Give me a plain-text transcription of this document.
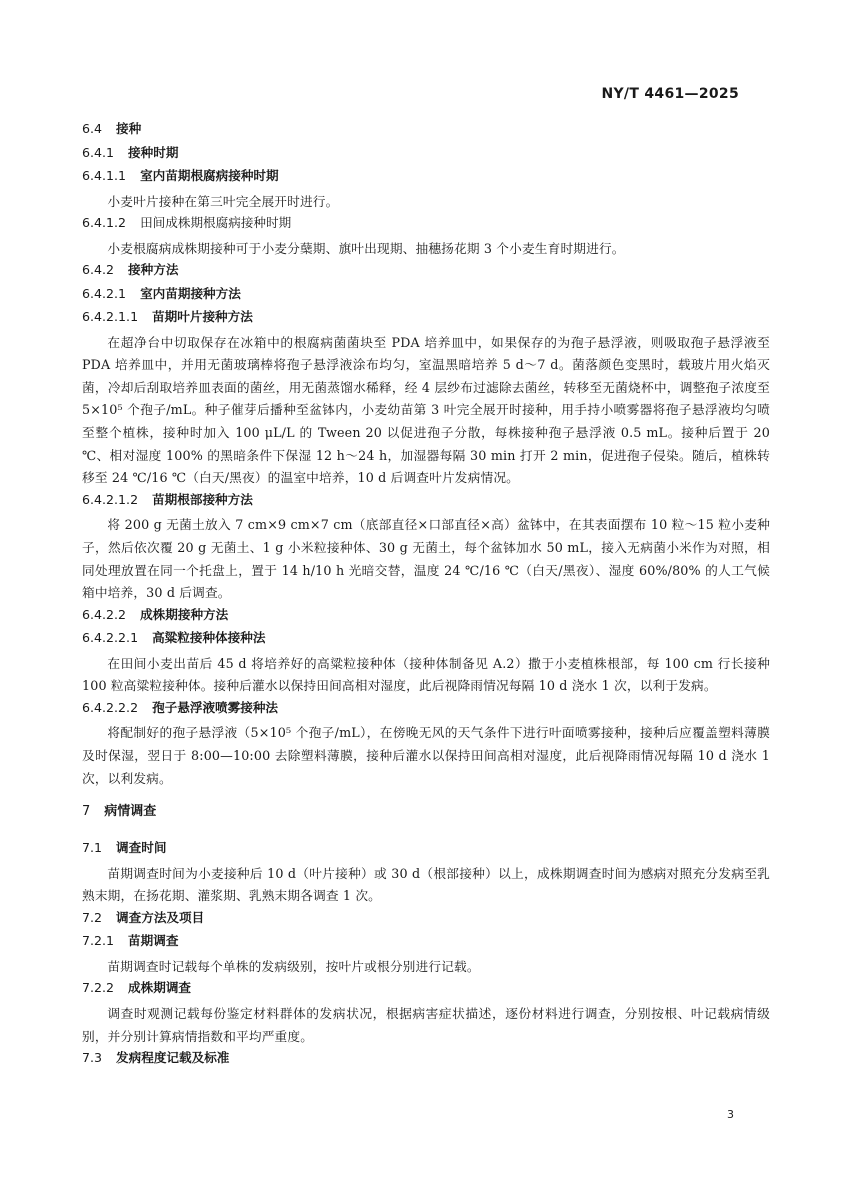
NY/T 4461—2025
6.4 接种
6.4.1 接种时期
6.4.1.1 室内苗期根腐病接种时期
小麦叶片接种在第三叶完全展开时进行。
6.4.1.2 田间成株期根腐病接种时期
小麦根腐病成株期接种可于小麦分蘖期、旗叶出现期、抽穗扬花期 3 个小麦生育时期进行。
6.4.2 接种方法
6.4.2.1 室内苗期接种方法
6.4.2.1.1 苗期叶片接种方法
在超净台中切取保存在冰箱中的根腐病菌菌块至 PDA 培养皿中，如果保存的为孢子悬浮液，则吸取孢子悬浮液至 PDA 培养皿中，并用无菌玻璃棒将孢子悬浮液涂布均匀，室温黑暗培养 5 d～7 d。菌落颜色变黑时，载玻片用火焰灭菌，冷却后刮取培养皿表面的菌丝，用无菌蒸馏水稀释，经 4 层纱布过滤除去菌丝，转移至无菌烧杯中，调整孢子浓度至 5×10⁵ 个孢子/mL。种子催芽后播种至盆钵内，小麦幼苗第 3 叶完全展开时接种，用手持小喷雾器将孢子悬浮液均匀喷至整个植株，接种时加入 100 μL/L 的 Tween 20 以促进孢子分散，每株接种孢子悬浮液 0.5 mL。接种后置于 20 ℃、相对湿度 100% 的黑暗条件下保湿 12 h～24 h，加湿器每隔 30 min 打开 2 min，促进孢子侵染。随后，植株转移至 24 ℃/16 ℃（白天/黑夜）的温室中培养，10 d 后调查叶片发病情况。
6.4.2.1.2 苗期根部接种方法
将 200 g 无菌土放入 7 cm×9 cm×7 cm（底部直径×口部直径×高）盆钵中，在其表面摆布 10 粒～15 粒小麦种子，然后依次覆 20 g 无菌土、1 g 小米粒接种体、30 g 无菌土，每个盆钵加水 50 mL，接入无病菌小米作为对照，相同处理放置在同一个托盘上，置于 14 h/10 h 光暗交替，温度 24 ℃/16 ℃（白天/黑夜）、湿度 60%/80% 的人工气候箱中培养，30 d 后调查。
6.4.2.2 成株期接种方法
6.4.2.2.1 高粱粒接种体接种法
在田间小麦出苗后 45 d 将培养好的高粱粒接种体（接种体制备见 A.2）撒于小麦植株根部，每 100 cm 行长接种 100 粒高粱粒接种体。接种后灌水以保持田间高相对湿度，此后视降雨情况每隔 10 d 浇水 1 次，以利于发病。
6.4.2.2.2 孢子悬浮液喷雾接种法
将配制好的孢子悬浮液（5×10⁵ 个孢子/mL），在傍晚无风的天气条件下进行叶面喷雾接种，接种后应覆盖塑料薄膜及时保湿，翌日于 8:00—10:00 去除塑料薄膜，接种后灌水以保持田间高相对湿度，此后视降雨情况每隔 10 d 浇水 1 次，以利发病。
7 病情调查
7.1 调查时间
苗期调查时间为小麦接种后 10 d（叶片接种）或 30 d（根部接种）以上，成株期调查时间为感病对照充分发病至乳熟末期，在扬花期、灌浆期、乳熟末期各调查 1 次。
7.2 调查方法及项目
7.2.1 苗期调查
苗期调查时记载每个单株的发病级别，按叶片或根分别进行记载。
7.2.2 成株期调查
调查时观测记载每份鉴定材料群体的发病状况，根据病害症状描述，逐份材料进行调查，分别按根、叶记载病情级别，并分别计算病情指数和平均严重度。
7.3 发病程度记载及标准
3
